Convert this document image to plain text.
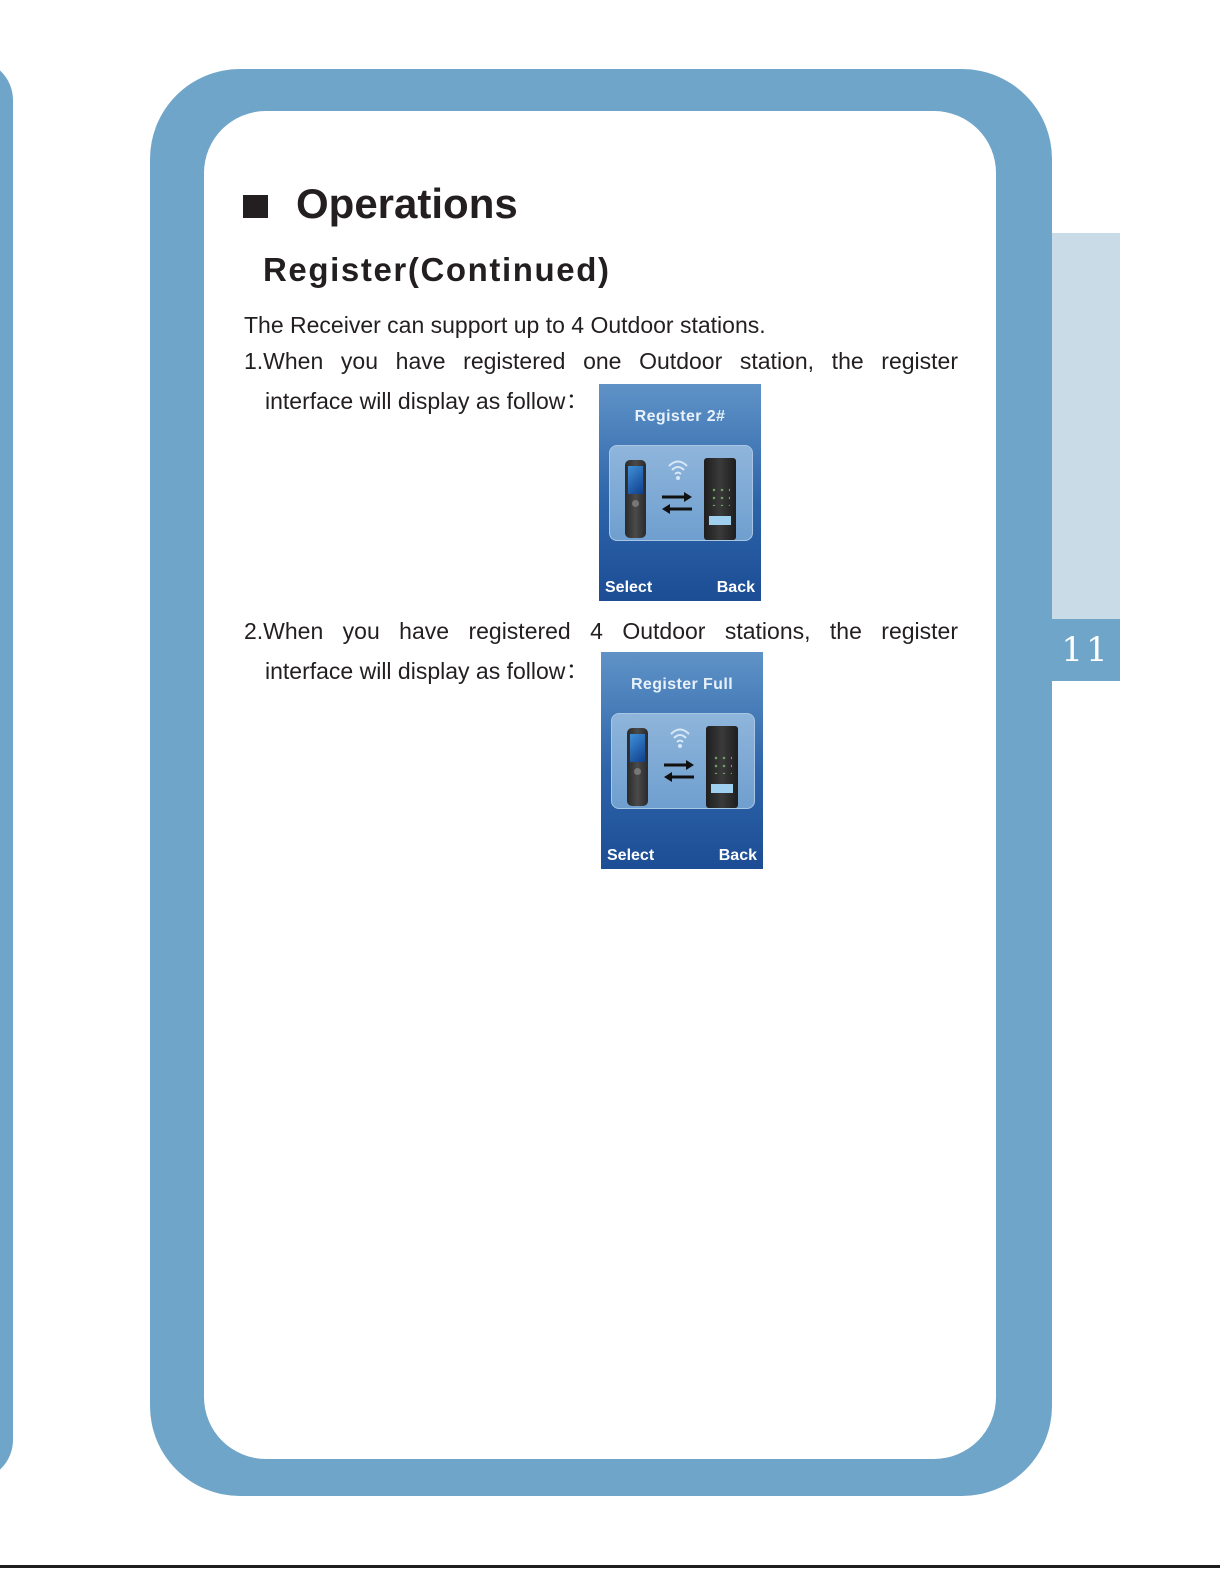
11
Operations
Register(Continued)
The Receiver can support up to 4 Outdoor stations.
1.When you have registered one Outdoor station, the register
interface will display as follow：
Register 2#
Select	Back
2.When you have registered 4 Outdoor stations, the register
interface will display as follow：	Register Full
Select	Back
